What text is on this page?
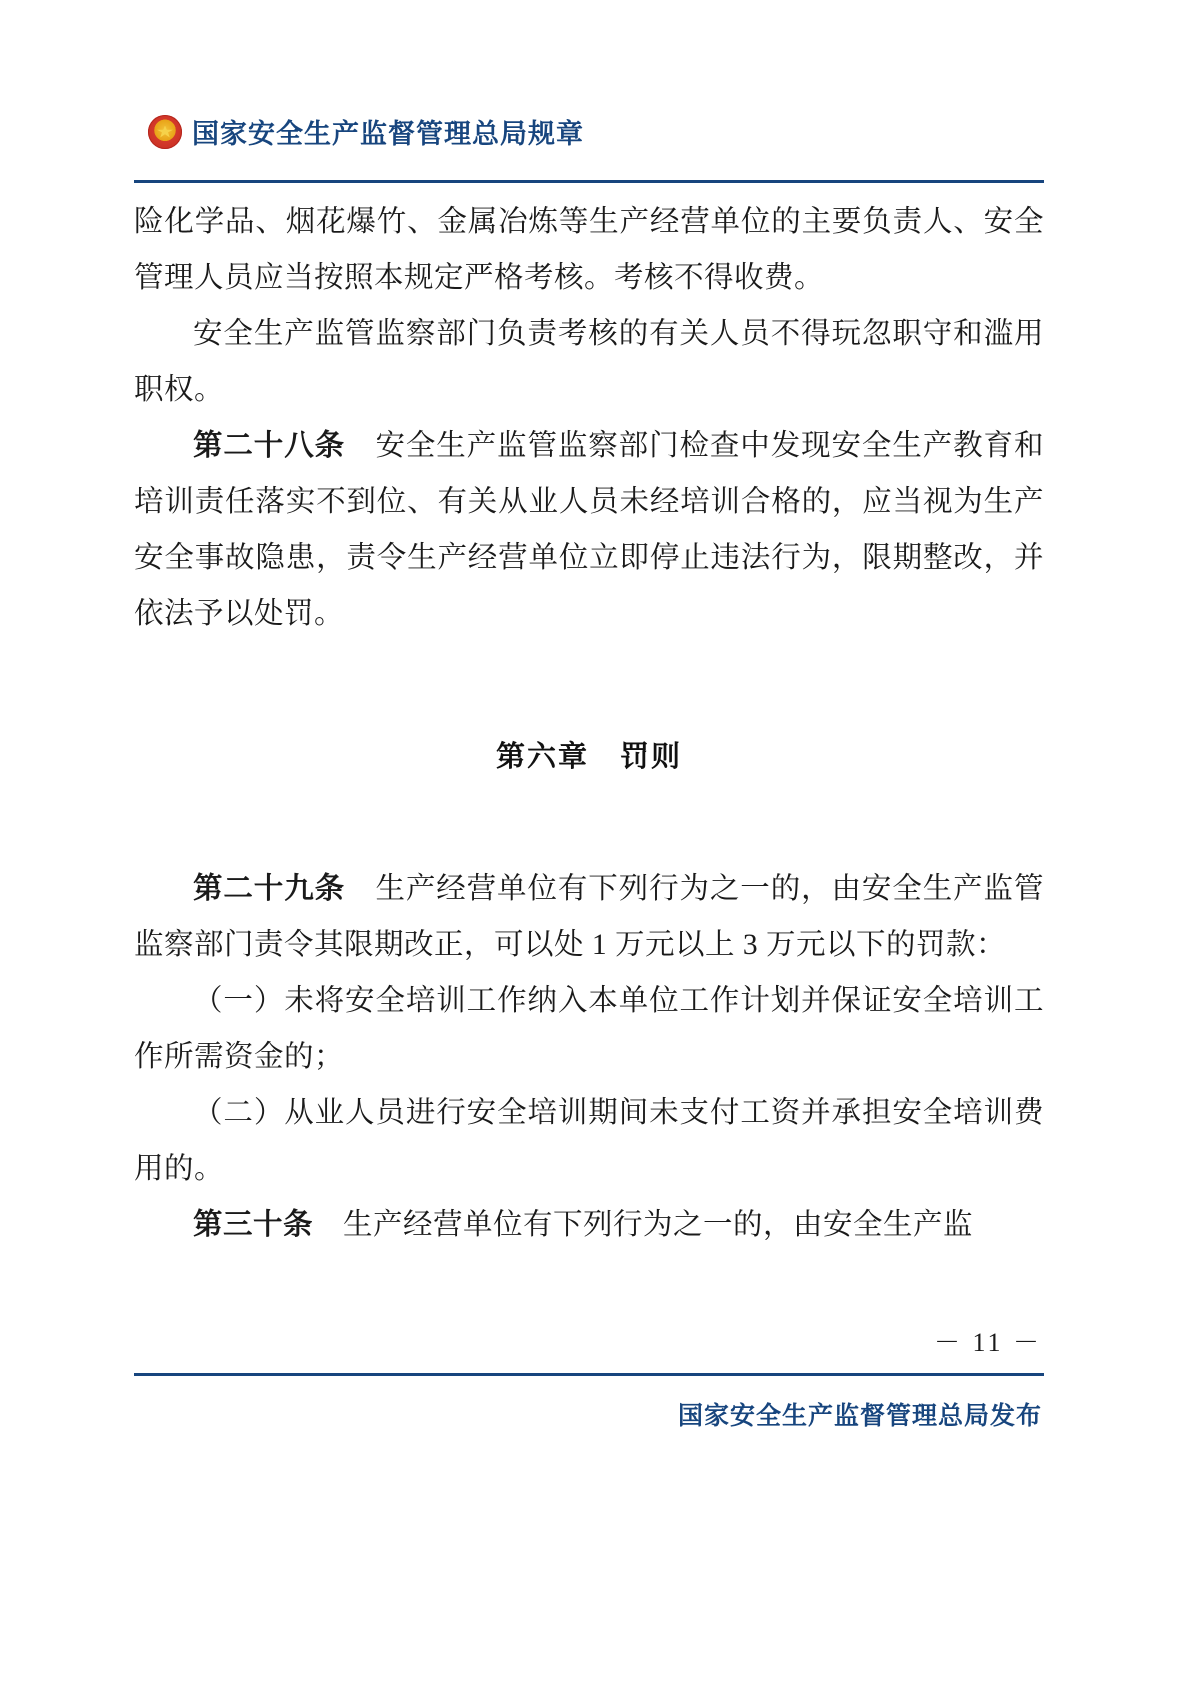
国家安全生产监督管理总局规章

险化学品、烟花爆竹、金属冶炼等生产经营单位的主要负责人、安全管理人员应当按照本规定严格考核。考核不得收费。

安全生产监管监察部门负责考核的有关人员不得玩忽职守和滥用职权。

第二十八条　 安全生产监管监察部门检查中发现安全生产教育和培训责任落实不到位、有关从业人员未经培训合格的，应当视为生产安全事故隐患，责令生产经营单位立即停止违法行为，限期整改，并依法予以处罚。

第六章　罚则

第二十九条　 生产经营单位有下列行为之一的，由安全生产监管监察部门责令其限期改正，可以处 1 万元以上 3 万元以下的罚款：

（一）未将安全培训工作纳入本单位工作计划并保证安全培训工作所需资金的；

（二）从业人员进行安全培训期间未支付工资并承担安全培训费用的。

第三十条　 生产经营单位有下列行为之一的，由安全生产监

－ 11 －
国家安全生产监督管理总局发布
